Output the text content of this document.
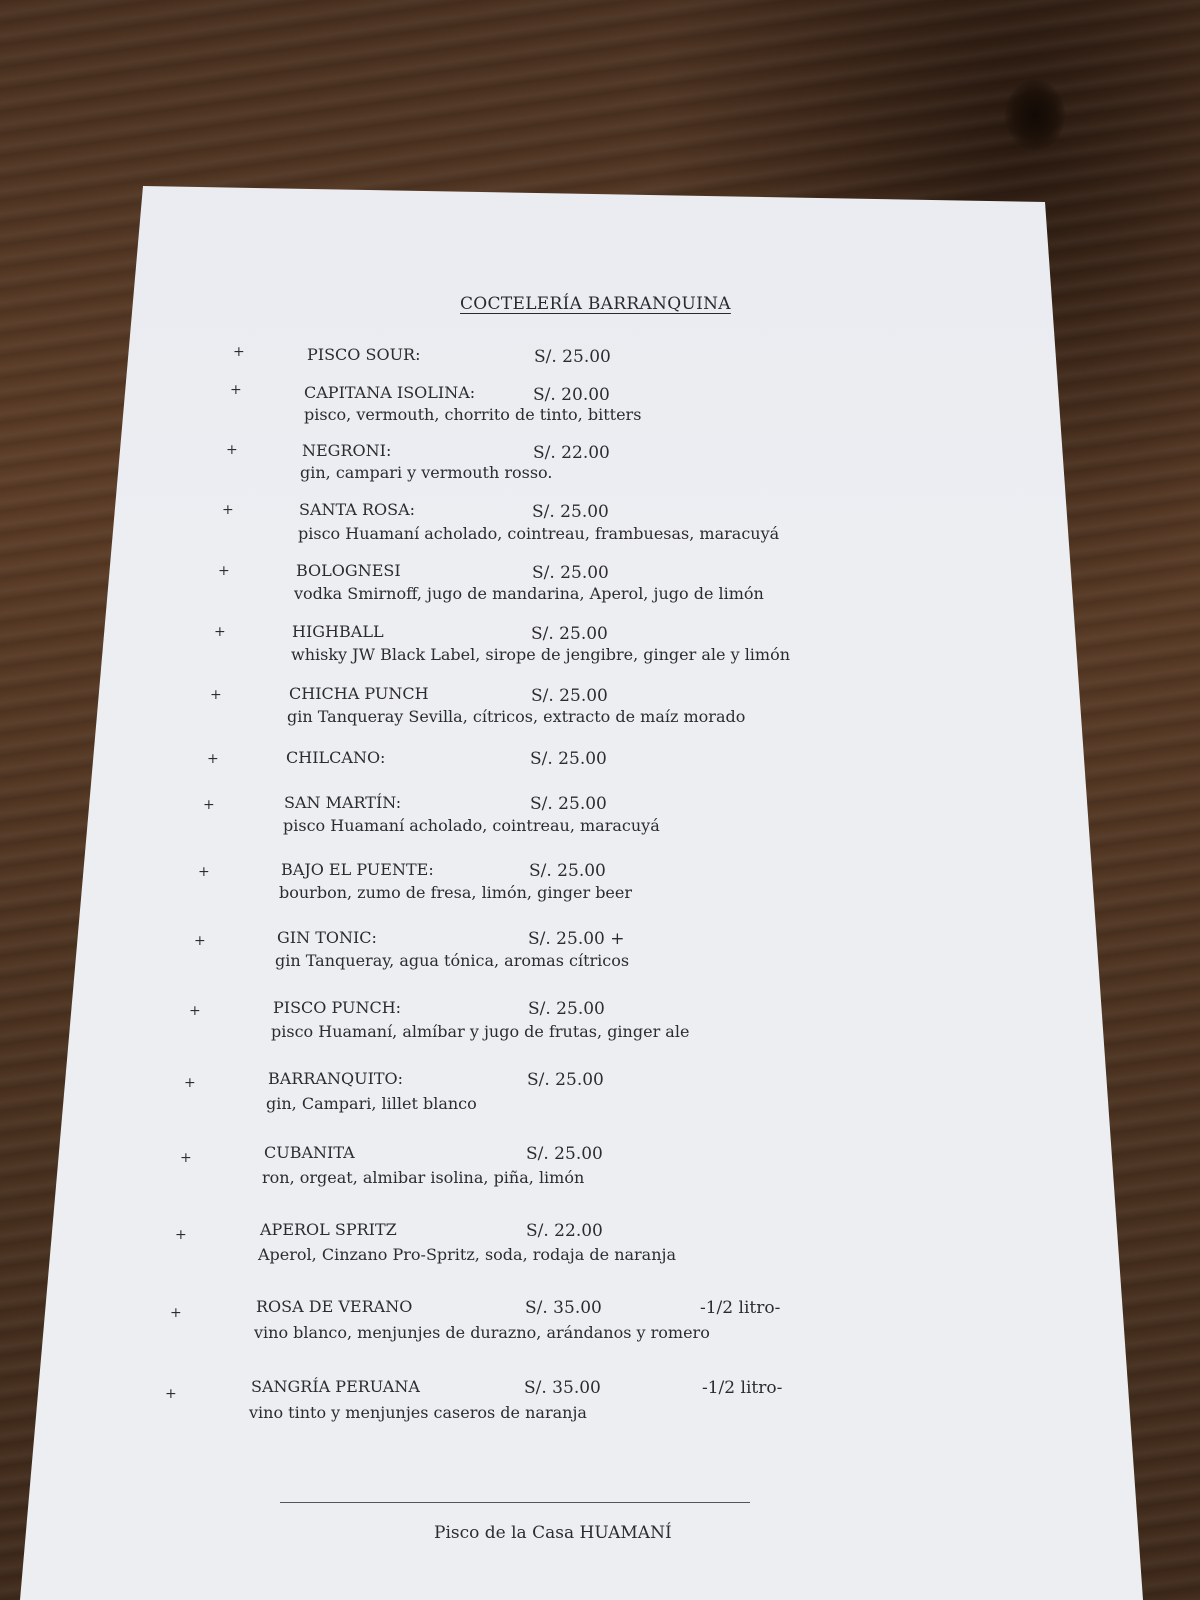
COCTELERÍA BARRANQUINA
+	PISCO SOUR:	S/. 25.00
+	CAPITANA ISOLINA:	S/. 20.00
pisco, vermouth, chorrito de tinto, bitters
+	NEGRONI:	S/. 22.00
gin, campari y vermouth rosso.
+	SANTA ROSA:	S/. 25.00
pisco Huamaní acholado, cointreau, frambuesas, maracuyá
+	BOLOGNESI	S/. 25.00
vodka Smirnoff, jugo de mandarina, Aperol, jugo de limón
+	HIGHBALL	S/. 25.00
whisky JW Black Label, sirope de jengibre, ginger ale y limón
+	CHICHA PUNCH	S/. 25.00
gin Tanqueray Sevilla, cítricos, extracto de maíz morado
+	CHILCANO:	S/. 25.00
+	SAN MARTÍN:	S/. 25.00
pisco Huamaní acholado, cointreau, maracuyá
+	BAJO EL PUENTE:	S/. 25.00
bourbon, zumo de fresa, limón, ginger beer
+	GIN TONIC:	S/. 25.00 +
gin Tanqueray, agua tónica, aromas cítricos
+	PISCO PUNCH:	S/. 25.00
pisco Huamaní, almíbar y jugo de frutas, ginger ale
+	BARRANQUITO:	S/. 25.00
gin, Campari, lillet blanco
+	CUBANITA	S/. 25.00
ron, orgeat, almibar isolina, piña, limón
+	APEROL SPRITZ	S/. 22.00
Aperol, Cinzano Pro-Spritz, soda, rodaja de naranja
+	ROSA DE VERANO	S/. 35.00	-1/2 litro-
vino blanco, menjunjes de durazno, arándanos y romero
+	SANGRÍA PERUANA	S/. 35.00	-1/2 litro-
vino tinto y menjunjes caseros de naranja
Pisco de la Casa HUAMANÍ
